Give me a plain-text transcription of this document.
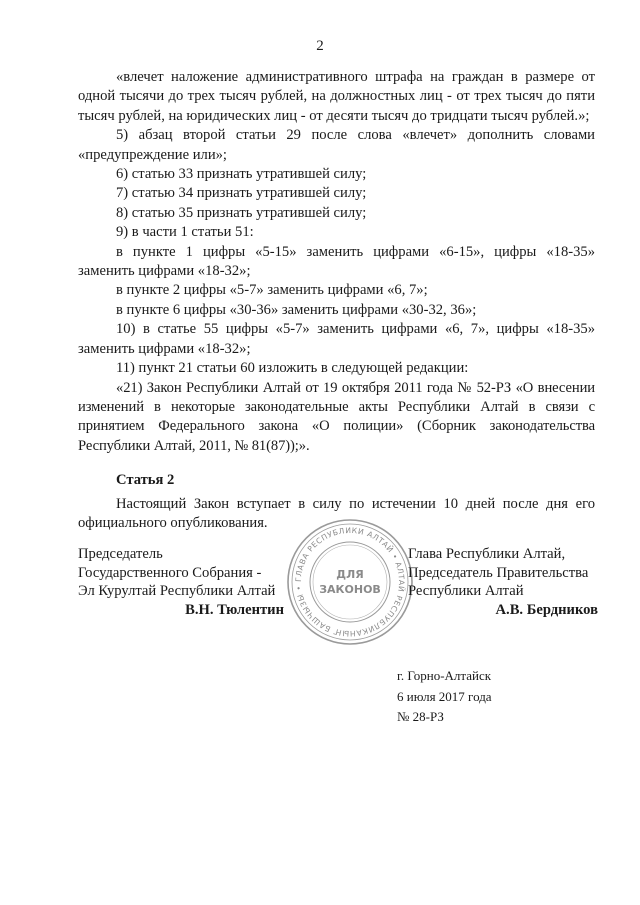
2

«влечет наложение административного штрафа на граждан в размере от одной тысячи до трех тысяч рублей, на должностных лиц - от трех тысяч до пяти тысяч рублей, на юридических лиц - от десяти тысяч до тридцати тысяч рублей.»;

5) абзац второй статьи 29 после слова «влечет» дополнить словами «предупреждение или»;

6) статью 33 признать утратившей силу;

7) статью 34 признать утратившей силу;

8) статью 35 признать утратившей силу;

9) в части 1 статьи 51:

в пункте 1 цифры «5-15» заменить цифрами «6-15», цифры «18-35» заменить цифрами «18-32»;

в пункте 2 цифры «5-7» заменить цифрами «6, 7»;

в пункте 6 цифры «30-36» заменить цифрами «30-32, 36»;

10) в статье 55 цифры «5-7» заменить цифрами «6, 7», цифры «18-35» заменить цифрами «18-32»;

11) пункт 21 статьи 60 изложить в следующей редакции:

«21) Закон Республики Алтай от 19 октября 2011 года № 52-РЗ «О внесении изменений в некоторые законодательные акты Республики Алтай в связи с принятием Федерального закона «О полиции» (Сборник законодательства Республики Алтай, 2011, № 81(87));».

Статья 2

Настоящий Закон вступает в силу по истечении 10 дней после дня его официального опубликования.

Председатель
Государственного Собрания -
Эл Курултай Республики Алтай
В.Н. Тюлентин
ГЛАВА РЕСПУБЛИКИ АЛТАЙ • АЛТАЙ РЕСПУБЛИКАНЫҤ БАШЧЫЗЫ •
ДЛЯ
ЗАКОНОВ
Глава Республики Алтай,
Председатель Правительства
Республики Алтай
А.В. Бердников
г. Горно-Алтайск
6 июля 2017 года
№ 28-РЗ
